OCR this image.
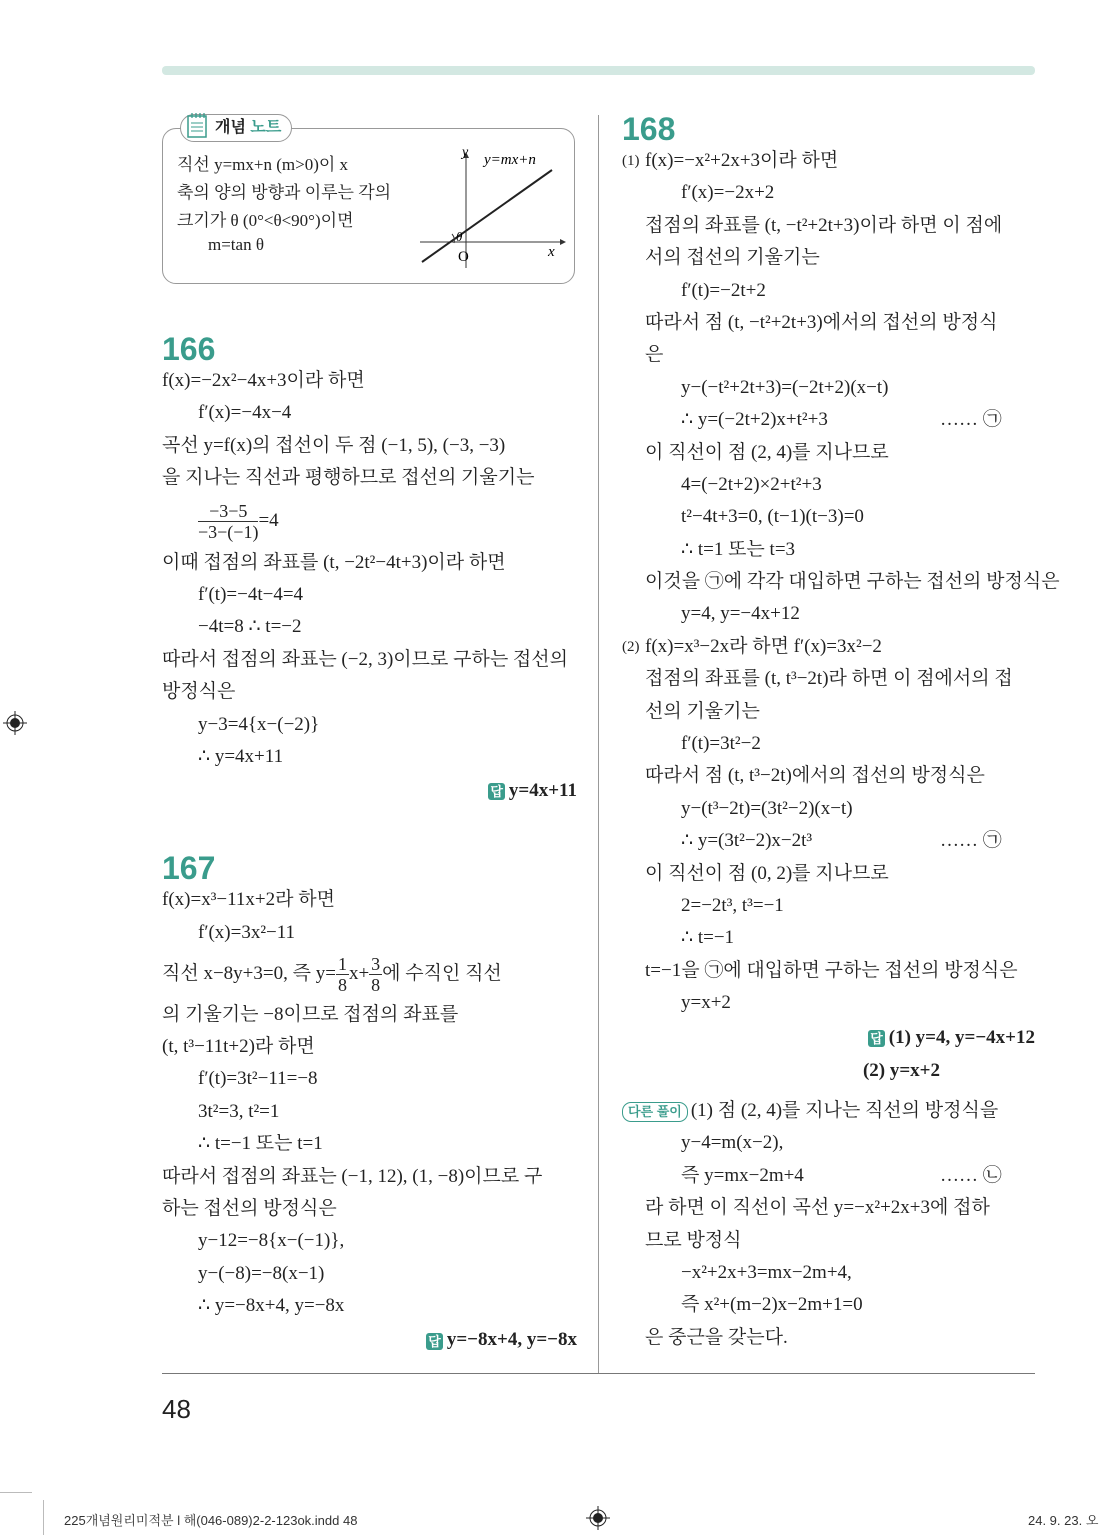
개념 노트
직선 y=mx+n (m>0)이 x
축의 양의 방향과 이루는 각의
크기가 θ (0°<θ<90°)이면
m=tan θ
y y=mx+n
O	x
θ
166
f(x)=−2x²−4x+3이라 하면
f′(x)=−4x−4
곡선 y=f(x)의 접선이 두 점 (−1, 5), (−3, −3)
을 지나는 직선과 평행하므로 접선의 기울기는
$\frac{-3-5}{-3-(-1)} =4$
이때 접점의 좌표를 (t, −2t²−4t+3)이라 하면
f′(t)=−4t−4=4
−4t=8 ∴ t=−2
따라서 접점의 좌표는 (−2, 3)이므로 구하는 접선의
방정식은
y−3=4{x−(−2)}
∴ y=4x+11
답 y=4x+11
167
f(x)=x³−11x+2라 하면
f′(x)=3x²−11
직선 x−8y+3=0, 즉 $y= \frac{1}{8} x+ \frac{3}{8}$ 에 수직인 직선
의 기울기는 −8이므로 접점의 좌표를
(t, t³−11t+2)라 하면
f′(t)=3t²−11=−8
3t²=3, t²=1
∴ t=−1 또는 t=1
따라서 접점의 좌표는 (−1, 12), (1, −8)이므로 구
하는 접선의 방정식은
y−12=−8{x−(−1)},
y−(−8)=−8(x−1)
∴ y=−8x+4, y=−8x
답 y=−8x+4, y=−8x
168
(1) f(x)=−x²+2x+3이라 하면
f′(x)=−2x+2
접점의 좌표를 (t, −t²+2t+3)이라 하면 이 점에
서의 접선의 기울기는
f′(t)=−2t+2
따라서 점 (t, −t²+2t+3)에서의 접선의 방정식
은
y−(−t²+2t+3)=(−2t+2)(x−t)
∴ y=(−2t+2)x+t²+3	…… ㉠
이 직선이 점 (2, 4)를 지나므로
4=(−2t+2)×2+t²+3
t²−4t+3=0, (t−1)(t−3)=0
∴ t=1 또는 t=3
이것을 ㉠에 각각 대입하면 구하는 접선의 방정식은
y=4, y=−4x+12
(2) f(x)=x³−2x라 하면 f′(x)=3x²−2
접점의 좌표를 (t, t³−2t)라 하면 이 점에서의 접
선의 기울기는
f′(t)=3t²−2
따라서 점 (t, t³−2t)에서의 접선의 방정식은
y−(t³−2t)=(3t²−2)(x−t)
∴ y=(3t²−2)x−2t³	…… ㉠
이 직선이 점 (0, 2)를 지나므로
2=−2t³, t³=−1
∴ t=−1
t=−1을 ㉠에 대입하면 구하는 접선의 방정식은
y=x+2
답 (1) y=4, y=−4x+12
(2) y=x+2
다른 풀이 (1) 점 (2, 4)를 지나는 직선의 방정식을
y−4=m(x−2),
즉 y=mx−2m+4	…… ㉡
라 하면 이 직선이 곡선 y=−x²+2x+3에 접하
므로 방정식
−x²+2x+3=mx−2m+4,
즉 x²+(m−2)x−2m+1=0
은 중근을 갖는다.
48
225개념원리미적분 l 해(046-089)2-2-123ok.indd 48	24. 9. 23. 오
